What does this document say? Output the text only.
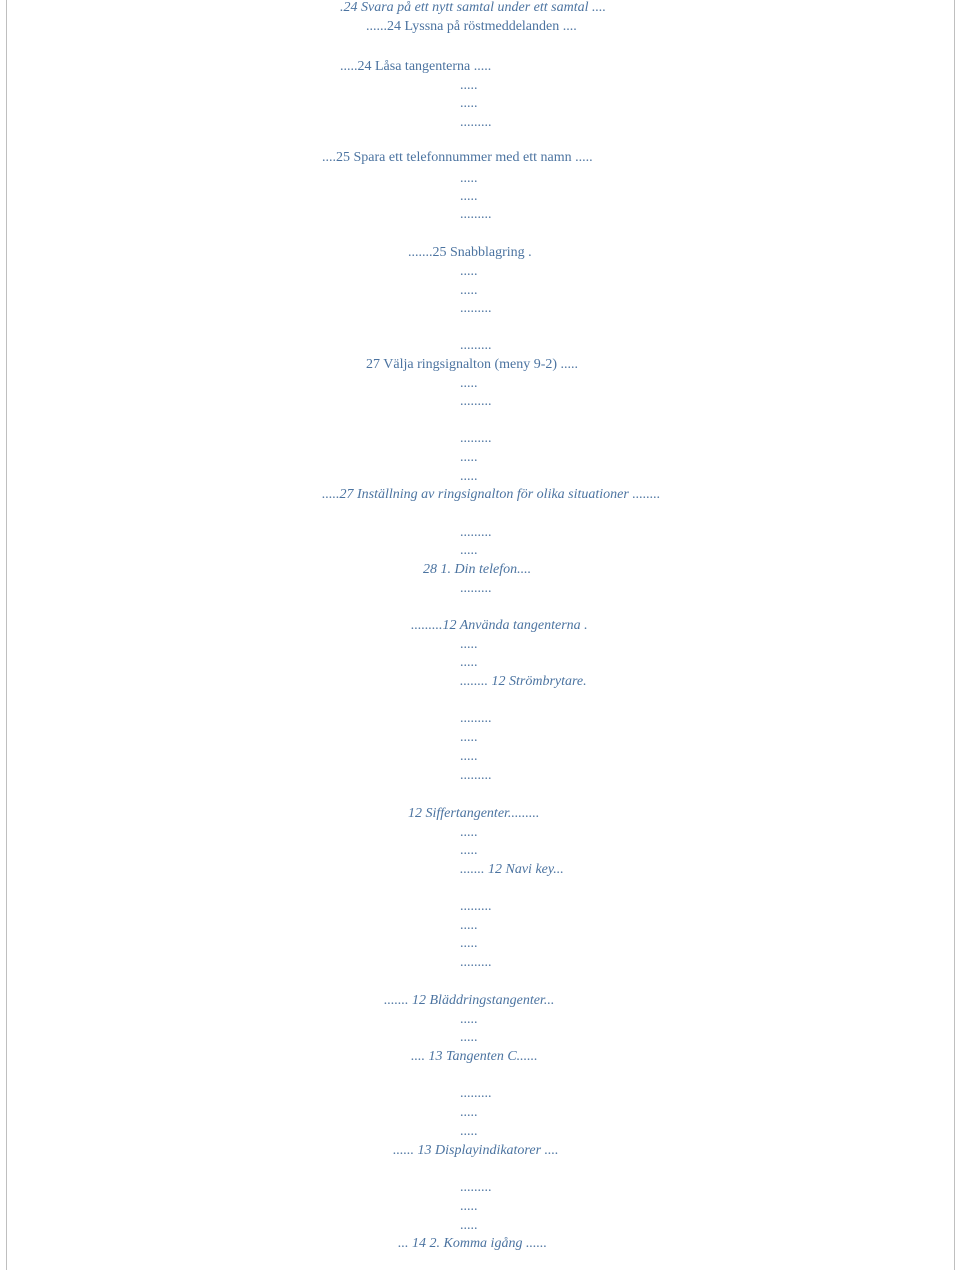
.24 Svara på ett nytt samtal under ett samtal ....
......24 Lyssna på röstmeddelanden ....
.....24 Låsa tangenterna .....
.....
.....
.........
....25 Spara ett telefonnummer med ett namn .....
.....
.....
.........
.......25 Snabblagring .
.....
.....
.........
.........
27 Välja ringsignalton (meny 9-2) .....
.....
.........
.........
.....
.....
.....27 Inställning av ringsignalton för olika situationer ........
.........
.....
28 1. Din telefon....
.........
.........12 Använda tangenterna .
.....
.....
........ 12 Strömbrytare.
.........
.....
.....
.........
12 Siffertangenter.........
.....
.....
....... 12 Navi key...
.........
.....
.....
.........
....... 12 Bläddringstangenter...
.....
.....
.... 13 Tangenten C......
.........
.....
.....
...... 13 Displayindikatorer ....
.........
.....
.....
... 14 2. Komma igång ......
